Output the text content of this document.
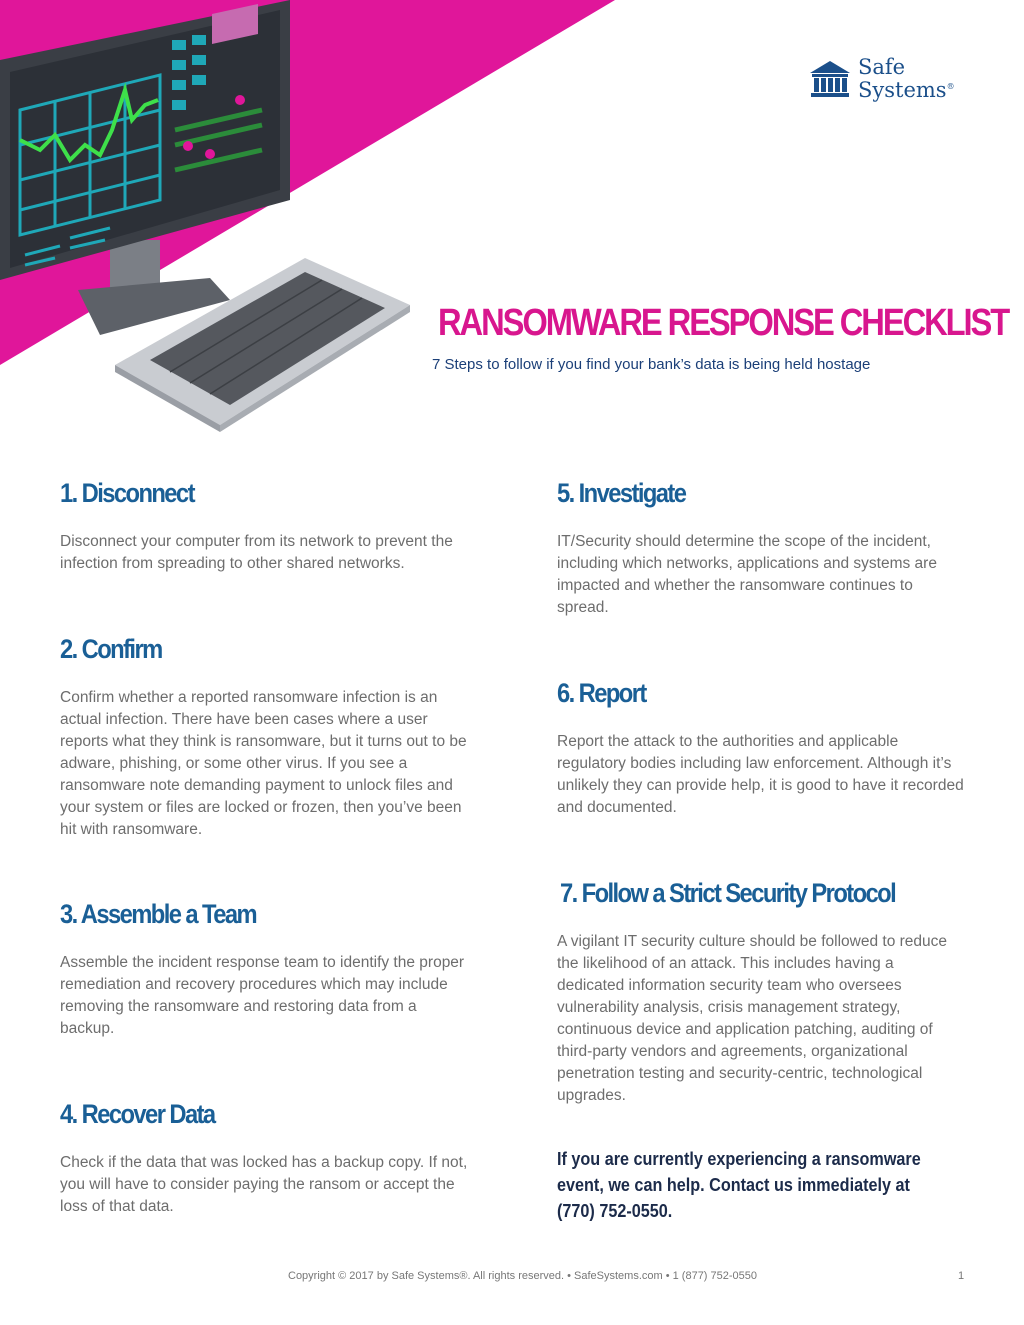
Safe
Systems®
RANSOMWARE RESPONSE CHECKLIST
7 Steps to follow if you find your bank’s data is being held hostage
1. Disconnect

Disconnect your computer from its network to prevent the infection from spreading to other shared networks.

2. Confirm

Confirm whether a reported ransomware infection is an actual infection. There have been cases where a user reports what they think is ransomware, but it turns out to be adware, phishing, or some other virus. If you see a ransomware note demanding payment to unlock files and your system or files are locked or frozen, then you’ve been hit with ransomware.

3. Assemble a Team

Assemble the incident response team to identify the proper remediation and recovery procedures which may include removing the ransomware and restoring data from a backup.

4. Recover Data

Check if the data that was locked has a backup copy. If not, you will have to consider paying the ransom or accept the loss of that data.

5. Investigate

IT/Security should determine the scope of the incident, including which networks, applications and systems are impacted and whether the ransomware continues to spread.

6. Report

Report the attack to the authorities and applicable regulatory bodies including law enforcement. Although it’s unlikely they can provide help, it is good to have it recorded and documented.

7. Follow a Strict Security Protocol

A vigilant IT security culture should be followed to reduce the likelihood of an attack. This includes having a dedicated information security team who oversees vulnerability analysis, crisis management strategy, continuous device and application patching, auditing of third-party vendors and agreements, organizational penetration testing and security-centric, technological upgrades.

If you are currently experiencing a ransomware event, we can help. Contact us immediately at (770) 752-0550.
Copyright © 2017 by Safe Systems®. All rights reserved. • SafeSystems.com • 1 (877) 752-0550	1
